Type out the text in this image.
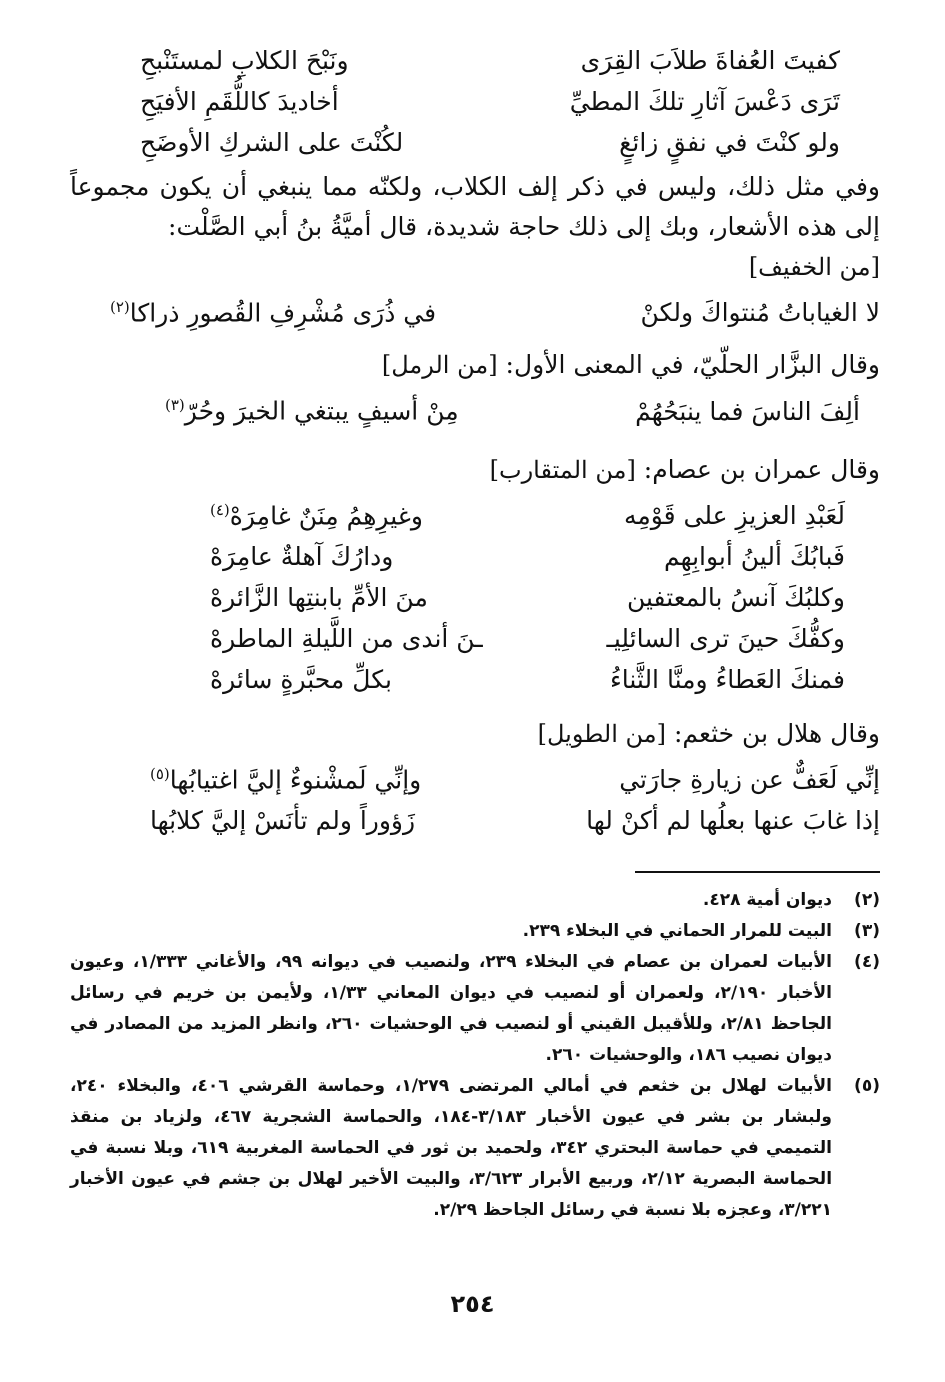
كفيتَ العُفاةَ طلاَبَ القِرَى
ونَبْحَ الكلابِ لمستَنْبحِ
تَرَى دَعْسَ آثارِ تلكَ المطيِّ
أخاديدَ كاللُّقَمِ الأفيَحِ
ولو كنْتَ في نفقٍ زائغٍ
لكُنْتَ على الشركِ الأوضَحِ

وفي مثل ذلك، وليس في ذكر إلف الكلاب، ولكنّه مما ينبغي أن يكون مجموعاً إلى هذه الأشعار، وبك إلى ذلك حاجة شديدة، قال أميَّةُ بنُ أبي الصَّلْت:

[من الخفيف]

لا الغياباتُ مُنتواكَ ولكنْ
في ذُرَى مُشْرِفِ القُصورِ ذراكا$^{(٢)}$

وقال البزَّار الحلّيّ، في المعنى الأول: [من الرمل]

ألِفَ الناسَ فما ينبَحُهُمْ
مِنْ أسيفٍ يبتغي الخيرَ وحُرّ$^{(٣)}$

وقال عمران بن عصام: [من المتقارب]

لَعَبْدِ العزيزِ على قَوْمِه
وغيرِهِمُ مِنَنٌ غامِرَهْ$^{(٤)}$
فَبابُكَ ألينُ أبوابِهِم
ودارُكَ آهلةٌ عامِرَهْ
وكلبُكَ آنسُ بالمعتفين
منَ الأمِّ بابنتِها الزَّائرهْ
وكفُّكَ حينَ ترى السائلِيـ
ـنَ أندى من اللَّيلةِ الماطرهْ
فمنكَ العَطاءُ ومنَّا الثَّناءُ
بكلِّ محبَّرةٍ سائرهْ

وقال هلال بن خثعم: [من الطويل]

إنِّي لَعَفٌّ عن زيارةِ جارَتي
وإنِّي لَمشْنوءٌ إليَّ اغتيابُها$^{(٥)}$
إذا غابَ عنها بعلُها لم أكنْ لها
زَؤوراً ولم تأنَسْ إليَّ كلابُها
(٢)
ديوان أمية ٤٢٨.
(٣)
البيت للمرار الحماني في البخلاء ٢٣٩.
(٤)
الأبيات لعمران بن عصام في البخلاء ٢٣٩، ولنصيب في ديوانه ٩٩، والأغاني ١/٣٣٣، وعيون الأخبار ٢/١٩٠، ولعمران أو لنصيب في ديوان المعاني ١/٣٣، ولأيمن بن خريم في رسائل الجاحظ ٢/٨١، وللأقيبل القيني أو لنصيب في الوحشيات ٢٦٠، وانظر المزيد من المصادر في ديوان نصيب ١٨٦، والوحشيات ٢٦٠.
(٥)
الأبيات لهلال بن خثعم في أمالي المرتضى ١/٢٧٩، وحماسة القرشي ٤٠٦، والبخلاء ٢٤٠، ولبشار بن بشر في عيون الأخبار ٣/١٨٣-١٨٤، والحماسة الشجرية ٤٦٧، ولزياد بن منقذ التميمي في حماسة البحتري ٣٤٢، ولحميد بن ثور في الحماسة المغربية ٦١٩، وبلا نسبة في الحماسة البصرية ٢/١٢، وربيع الأبرار ٣/٦٢٣، والبيت الأخير لهلال بن جشم في عيون الأخبار ٣/٢٢١، وعجزه بلا نسبة في رسائل الجاحظ ٢/٢٩.
٢٥٤
